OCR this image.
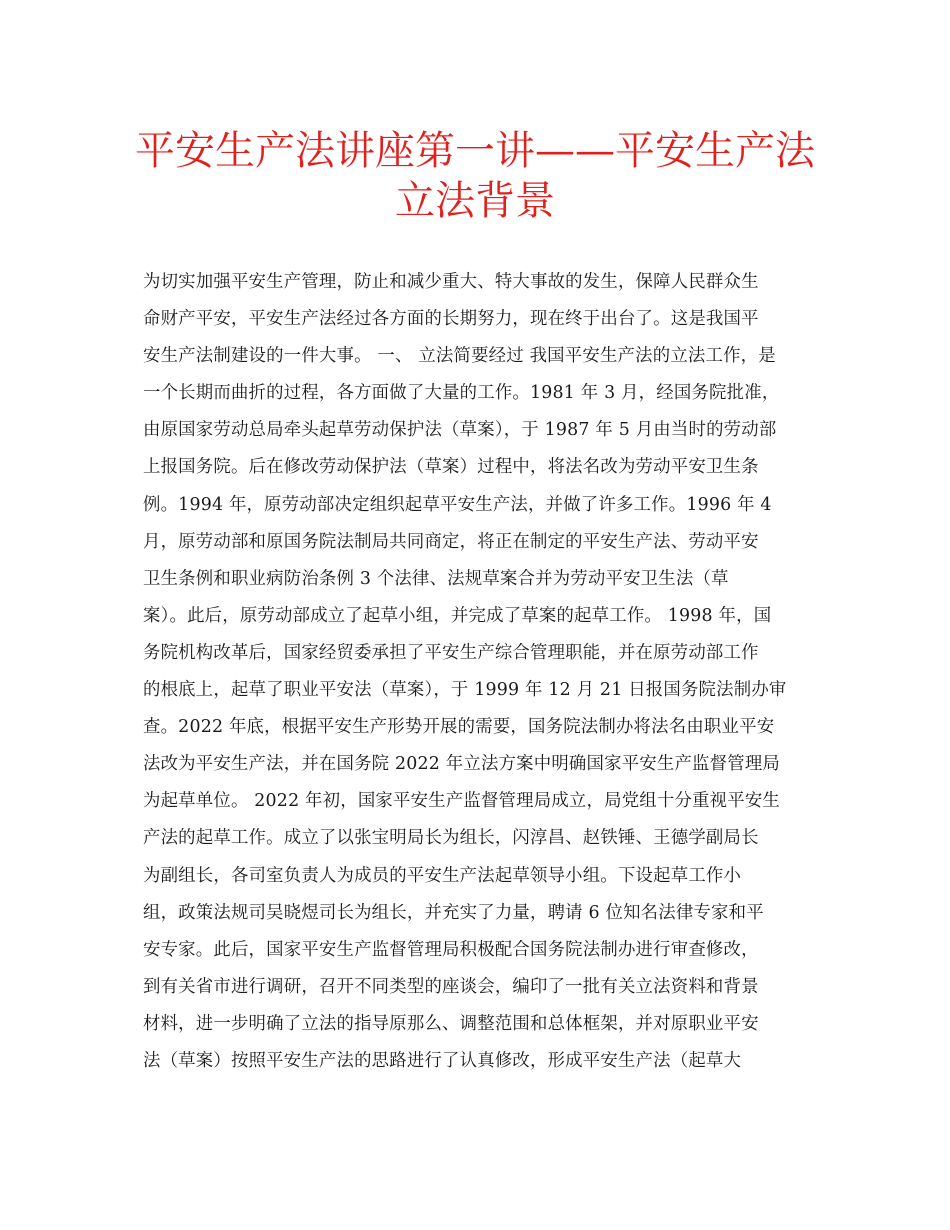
平安生产法讲座第一讲——平安生产法
立法背景
为切实加强平安生产管理，防止和减少重大、特大事故的发生，保障人民群众生
命财产平安，平安生产法经过各方面的长期努力，现在终于出台了。这是我国平
安生产法制建设的一件大事。 一、 立法简要经过 我国平安生产法的立法工作，是
一个长期而曲折的过程，各方面做了大量的工作。1981 年 3 月，经国务院批准，
由原国家劳动总局牵头起草劳动保护法（草案），于 1987 年 5 月由当时的劳动部
上报国务院。后在修改劳动保护法（草案）过程中，将法名改为劳动平安卫生条
例。1994 年，原劳动部决定组织起草平安生产法，并做了许多工作。1996 年 4
月，原劳动部和原国务院法制局共同商定，将正在制定的平安生产法、劳动平安
卫生条例和职业病防治条例 3 个法律、法规草案合并为劳动平安卫生法（草
案）。此后，原劳动部成立了起草小组，并完成了草案的起草工作。 1998 年，国
务院机构改革后，国家经贸委承担了平安生产综合管理职能，并在原劳动部工作
的根底上，起草了职业平安法（草案），于 1999 年 12 月 21 日报国务院法制办审
查。2022 年底，根据平安生产形势开展的需要，国务院法制办将法名由职业平安
法改为平安生产法，并在国务院 2022 年立法方案中明确国家平安生产监督管理局
为起草单位。 2022 年初，国家平安生产监督管理局成立，局党组十分重视平安生
产法的起草工作。成立了以张宝明局长为组长，闪淳昌、赵铁锤、王德学副局长
为副组长，各司室负责人为成员的平安生产法起草领导小组。下设起草工作小
组，政策法规司吴晓煜司长为组长，并充实了力量，聘请 6 位知名法律专家和平
安专家。此后，国家平安生产监督管理局积极配合国务院法制办进行审查修改，
到有关省市进行调研，召开不同类型的座谈会，编印了一批有关立法资料和背景
材料，进一步明确了立法的指导原那么、调整范围和总体框架，并对原职业平安
法（草案）按照平安生产法的思路进行了认真修改，形成平安生产法（起草大
